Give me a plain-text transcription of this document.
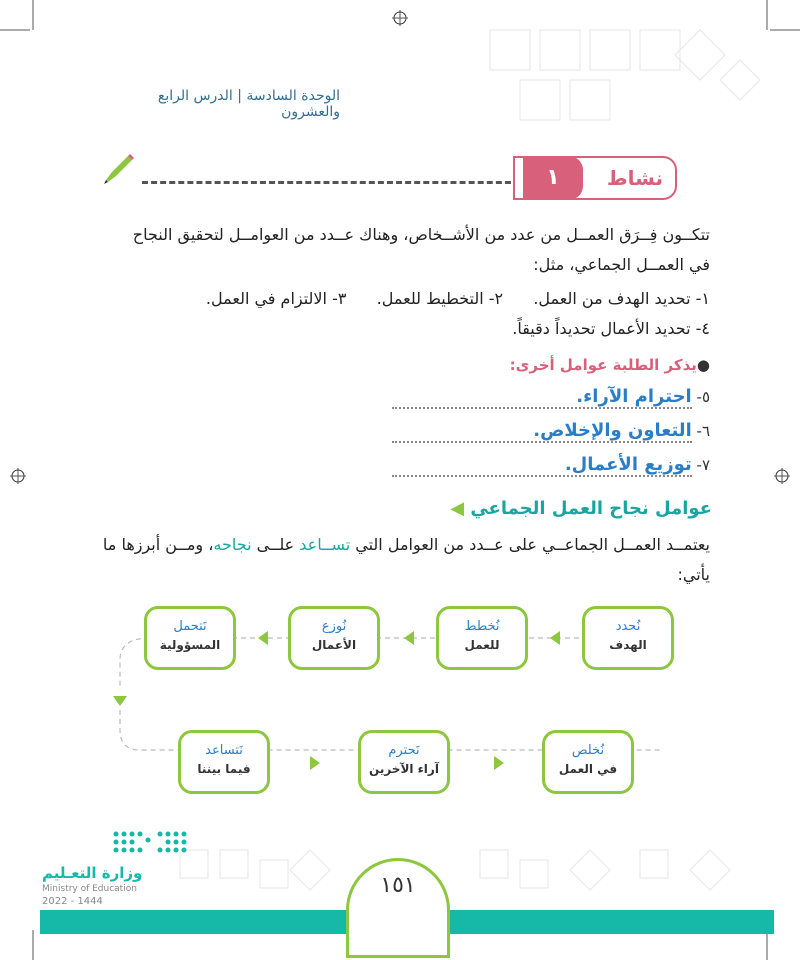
الوحدة السادسة | الدرس الرابع والعشرون
نشاط
١
تتكــون فِــرَق العمــل من عدد من الأشــخاص، وهناك عــدد من العوامــل لتحقيق النجاح
في العمــل الجماعي، مثل:
١- تحديد الهدف من العمل.  ٢- التخطيط للعمل.  ٣- الالتزام في العمل.
٤- تحديد الأعمال تحديداً دقيقاً.
●يذكر الطلبة عوامل أخرى:
٥- احترام الآراء.
٦- التعاون والإخلاص.
٧- توزيع الأعمال.
عوامل نجاح العمل الجماعي ◀
يعتمــد العمــل الجماعــي على عــدد من العوامل التي تســاعد علــى نجاحه، ومــن أبرزها ما
يأتي:
نُحدد
الهدف
نُخطط
للعمل
نُوزع
الأعمال
نَتحمل
المسؤولية
نُخلص
في العمل
نَحترم
آراء الآخرين
نَتساعد
فيما بيننا
وزارة التعـليم
Ministry of Education
2022 - 1444
١٥١
